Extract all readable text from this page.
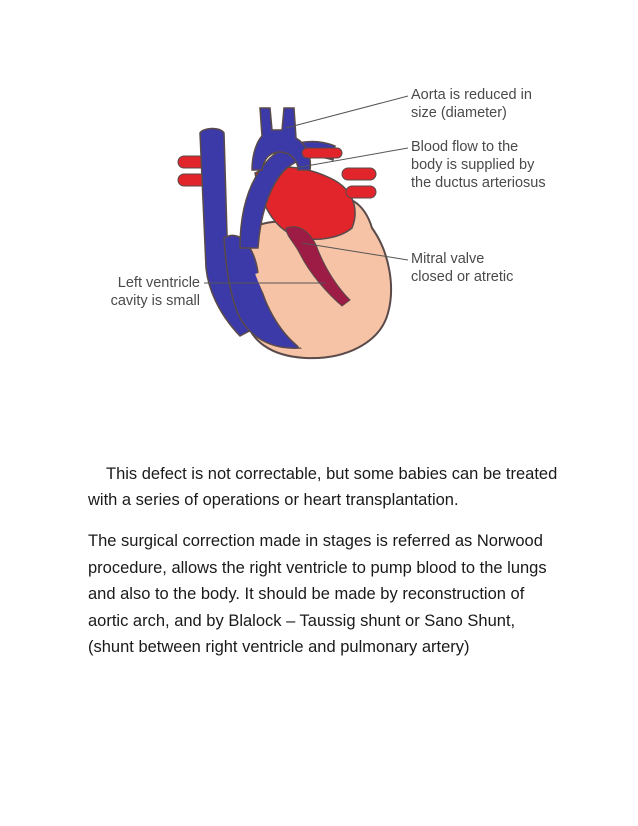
Aorta is reduced in
size (diameter)
Blood flow to the
body is supplied by
the ductus arteriosus
Mitral valve
closed or atretic
Left ventricle
cavity is small
This defect is not correctable, but some babies can be treated with a series of operations or heart transplantation.
The surgical correction made in stages is referred as Norwood procedure, allows the right ventricle to pump blood to the lungs and also to the body. It should be made by reconstruction of aortic arch, and by Blalock – Taussig shunt or Sano Shunt, (shunt between right ventricle and pulmonary artery)
